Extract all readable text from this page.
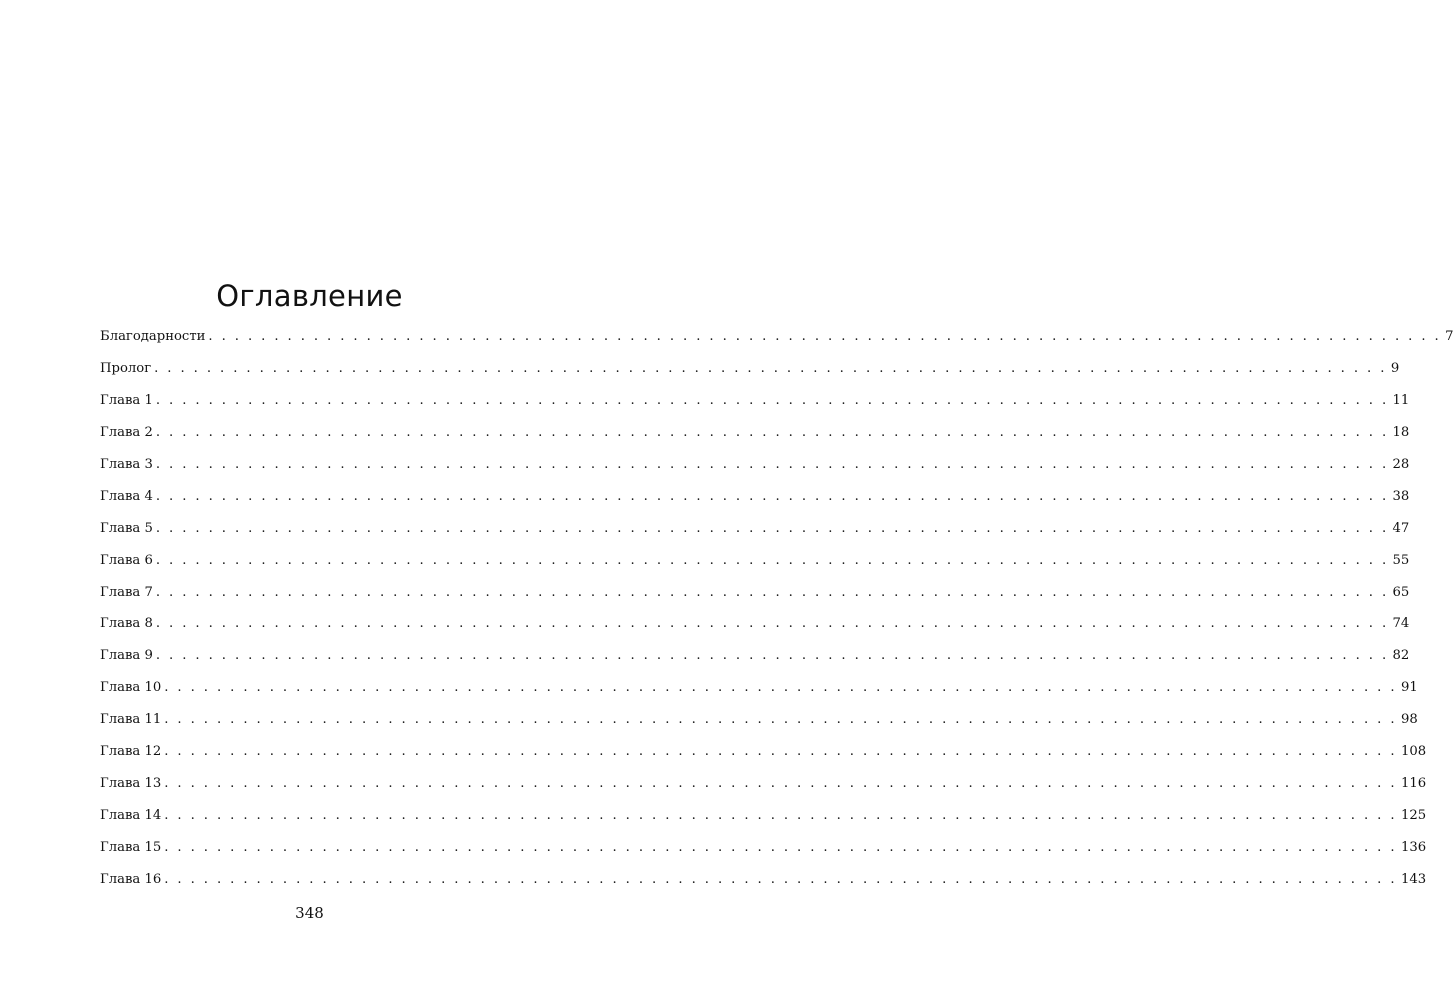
Оглавление
Благодарности . . . . . . . . . . . . . . . . . . . . . . . . . . . . . . . . . . . . . . . . . . . . . . . . . . . . . . . . . . . . . . . . . . . . . . . . . . . . . . . . . . . . . . . . . . . . . . 7
Пролог . . . . . . . . . . . . . . . . . . . . . . . . . . . . . . . . . . . . . . . . . . . . . . . . . . . . . . . . . . . . . . . . . . . . . . . . . . . . . . . . . . . . . . . . . . . . . . 9
Глава 1 . . . . . . . . . . . . . . . . . . . . . . . . . . . . . . . . . . . . . . . . . . . . . . . . . . . . . . . . . . . . . . . . . . . . . . . . . . . . . . . . . . . . . . . . . . . . . . 11
Глава 2 . . . . . . . . . . . . . . . . . . . . . . . . . . . . . . . . . . . . . . . . . . . . . . . . . . . . . . . . . . . . . . . . . . . . . . . . . . . . . . . . . . . . . . . . . . . . . . 18
Глава 3 . . . . . . . . . . . . . . . . . . . . . . . . . . . . . . . . . . . . . . . . . . . . . . . . . . . . . . . . . . . . . . . . . . . . . . . . . . . . . . . . . . . . . . . . . . . . . . 28
Глава 4 . . . . . . . . . . . . . . . . . . . . . . . . . . . . . . . . . . . . . . . . . . . . . . . . . . . . . . . . . . . . . . . . . . . . . . . . . . . . . . . . . . . . . . . . . . . . . . 38
Глава 5 . . . . . . . . . . . . . . . . . . . . . . . . . . . . . . . . . . . . . . . . . . . . . . . . . . . . . . . . . . . . . . . . . . . . . . . . . . . . . . . . . . . . . . . . . . . . . . 47
Глава 6 . . . . . . . . . . . . . . . . . . . . . . . . . . . . . . . . . . . . . . . . . . . . . . . . . . . . . . . . . . . . . . . . . . . . . . . . . . . . . . . . . . . . . . . . . . . . . . 55
Глава 7 . . . . . . . . . . . . . . . . . . . . . . . . . . . . . . . . . . . . . . . . . . . . . . . . . . . . . . . . . . . . . . . . . . . . . . . . . . . . . . . . . . . . . . . . . . . . . . 65
Глава 8 . . . . . . . . . . . . . . . . . . . . . . . . . . . . . . . . . . . . . . . . . . . . . . . . . . . . . . . . . . . . . . . . . . . . . . . . . . . . . . . . . . . . . . . . . . . . . . 74
Глава 9 . . . . . . . . . . . . . . . . . . . . . . . . . . . . . . . . . . . . . . . . . . . . . . . . . . . . . . . . . . . . . . . . . . . . . . . . . . . . . . . . . . . . . . . . . . . . . . 82
Глава 10 . . . . . . . . . . . . . . . . . . . . . . . . . . . . . . . . . . . . . . . . . . . . . . . . . . . . . . . . . . . . . . . . . . . . . . . . . . . . . . . . . . . . . . . . . . . . . . 91
Глава 11 . . . . . . . . . . . . . . . . . . . . . . . . . . . . . . . . . . . . . . . . . . . . . . . . . . . . . . . . . . . . . . . . . . . . . . . . . . . . . . . . . . . . . . . . . . . . . . 98
Глава 12 . . . . . . . . . . . . . . . . . . . . . . . . . . . . . . . . . . . . . . . . . . . . . . . . . . . . . . . . . . . . . . . . . . . . . . . . . . . . . . . . . . . . . . . . . . . . . . 108
Глава 13 . . . . . . . . . . . . . . . . . . . . . . . . . . . . . . . . . . . . . . . . . . . . . . . . . . . . . . . . . . . . . . . . . . . . . . . . . . . . . . . . . . . . . . . . . . . . . . 116
Глава 14 . . . . . . . . . . . . . . . . . . . . . . . . . . . . . . . . . . . . . . . . . . . . . . . . . . . . . . . . . . . . . . . . . . . . . . . . . . . . . . . . . . . . . . . . . . . . . . 125
Глава 15 . . . . . . . . . . . . . . . . . . . . . . . . . . . . . . . . . . . . . . . . . . . . . . . . . . . . . . . . . . . . . . . . . . . . . . . . . . . . . . . . . . . . . . . . . . . . . . 136
Глава 16 . . . . . . . . . . . . . . . . . . . . . . . . . . . . . . . . . . . . . . . . . . . . . . . . . . . . . . . . . . . . . . . . . . . . . . . . . . . . . . . . . . . . . . . . . . . . . . 143
348
